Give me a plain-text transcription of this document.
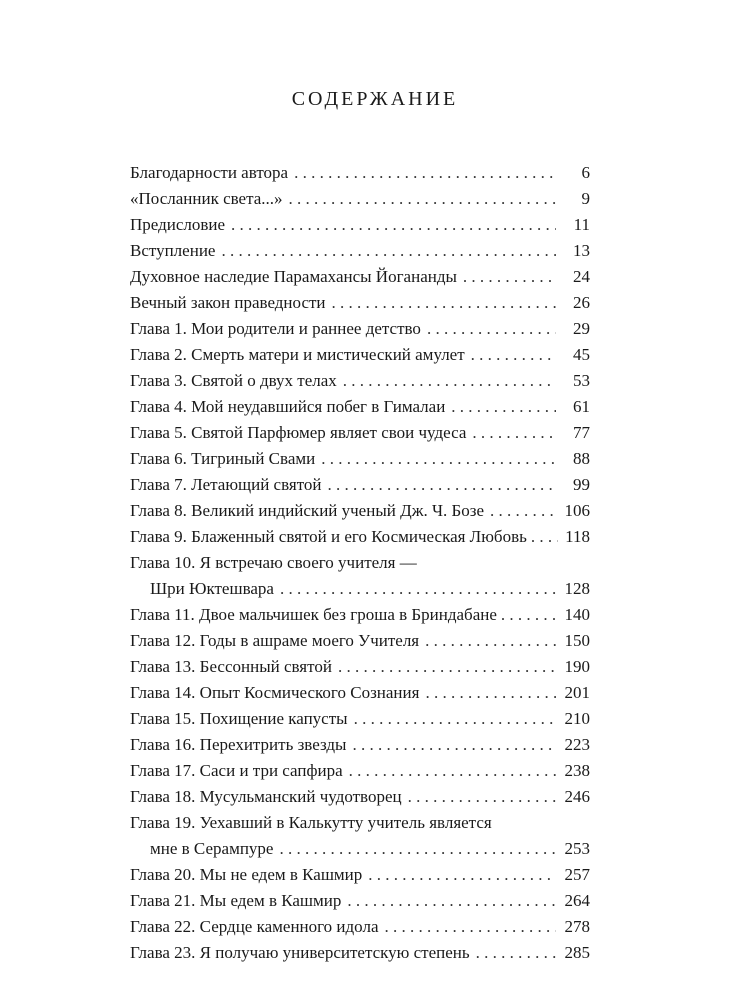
СОДЕРЖАНИЕ
Благодарности автора . . .	6
«Посланник света...» . . .	9
Предисловие . . .	11
Вступление . . .	13
Духовное наследие Парамахансы Йогананды . . .	24
Вечный закон праведности . . .	26
Глава 1. Мои родители и раннее детство . . .	29
Глава 2. Смерть матери и мистический амулет . . .	45
Глава 3. Святой о двух телах . . .	53
Глава 4. Мой неудавшийся побег в Гималаи . . .	61
Глава 5. Святой Парфюмер являет свои чудеса . . .	77
Глава 6. Тигриный Свами . . .	88
Глава 7. Летающий святой . . .	99
Глава 8. Великий индийский ученый Дж. Ч. Бозе . . .	106
Глава 9. Блаженный святой и его Космическая Любовь . . . 118
Глава 10. Я встречаю своего учителя —
Шри Юктешвара . . .	128
Глава 11. Двое мальчишек без гроша в Бриндабане . . .	140
Глава 12. Годы в ашраме моего Учителя . . .	150
Глава 13. Бессонный святой . . .	190
Глава 14. Опыт Космического Сознания . . .	201
Глава 15. Похищение капусты . . .	210
Глава 16. Перехитрить звезды . . .	223
Глава 17. Саси и три сапфира . . .	238
Глава 18. Мусульманский чудотворец . . .	246
Глава 19. Уехавший в Калькутту учитель является
мне в Серампуре . . .	253
Глава 20. Мы не едем в Кашмир . . .	257
Глава 21. Мы едем в Кашмир . . .	264
Глава 22. Сердце каменного идола . . .	278
Глава 23. Я получаю университетскую степень . . .	285
